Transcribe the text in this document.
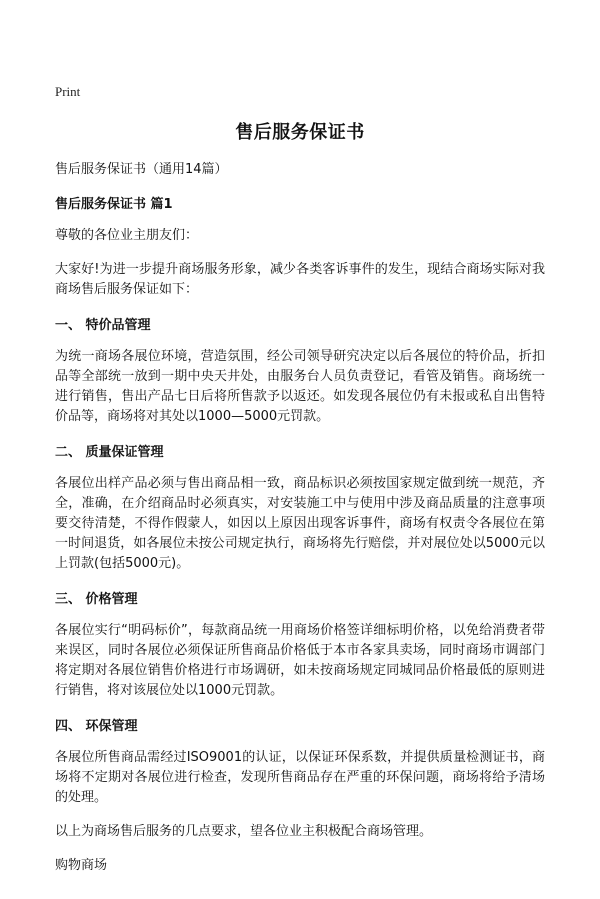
Print
售后服务保证书
售后服务保证书（通用14篇）
售后服务保证书 篇1
尊敬的各位业主朋友们：
大家好!为进一步提升商场服务形象，减少各类客诉事件的发生，现结合商场实际对我商场售后服务保证如下：
一、 特价品管理
为统一商场各展位环境，营造氛围，经公司领导研究决定以后各展位的特价品，折扣品等全部统一放到一期中央天井处，由服务台人员负责登记，看管及销售。商场统一进行销售，售出产品七日后将所售款予以返还。如发现各展位仍有未报或私自出售特价品等，商场将对其处以1000—5000元罚款。
二、 质量保证管理
各展位出样产品必须与售出商品相一致，商品标识必须按国家规定做到统一规范，齐全，准确，在介绍商品时必须真实，对安装施工中与使用中涉及商品质量的注意事项要交待清楚，不得作假蒙人，如因以上原因出现客诉事件，商场有权责令各展位在第一时间退货，如各展位未按公司规定执行，商场将先行赔偿，并对展位处以5000元以上罚款(包括5000元)。
三、 价格管理
各展位实行“明码标价”，每款商品统一用商场价格签详细标明价格，以免给消费者带来误区，同时各展位必须保证所售商品价格低于本市各家具卖场，同时商场市调部门将定期对各展位销售价格进行市场调研，如未按商场规定同城同品价格最低的原则进行销售，将对该展位处以1000元罚款。
四、 环保管理
各展位所售商品需经过ISO9001的认证，以保证环保系数，并提供质量检测证书，商场将不定期对各展位进行检查，发现所售商品存在严重的环保问题，商场将给予清场的处理。
以上为商场售后服务的几点要求，望各位业主积极配合商场管理。
购物商场
